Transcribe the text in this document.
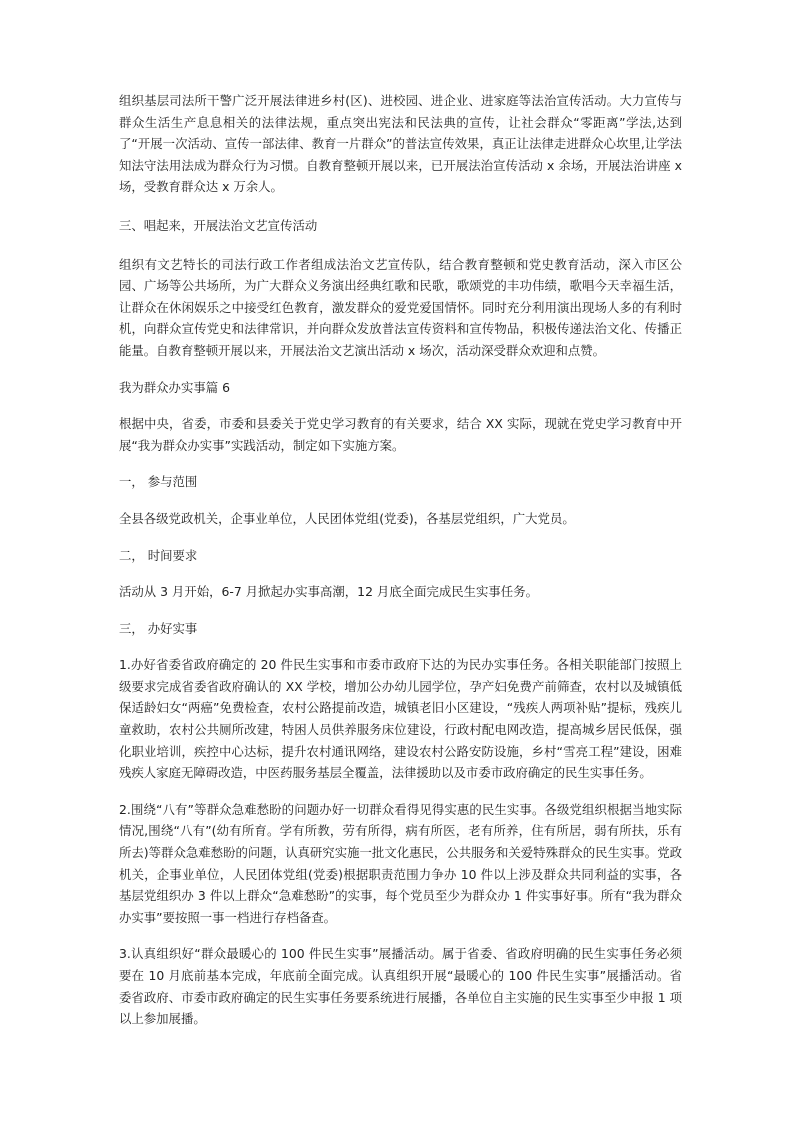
组织基层司法所干警广泛开展法律进乡村(区)、进校园、进企业、进家庭等法治宣传活动。大力宣传与群众生活生产息息相关的法律法规，重点突出宪法和民法典的宣传，让社会群众“零距离”学法,达到了“开展一次活动、宣传一部法律、教育一片群众”的普法宣传效果，真正让法律走进群众心坎里,让学法知法守法用法成为群众行为习惯。自教育整顿开展以来，已开展法治宣传活动 x 余场，开展法治讲座 x 场，受教育群众达 x 万余人。

三、唱起来，开展法治文艺宣传活动

组织有文艺特长的司法行政工作者组成法治文艺宣传队，结合教育整顿和党史教育活动，深入市区公园、广场等公共场所，为广大群众义务演出经典红歌和民歌，歌颂党的丰功伟绩，歌唱今天幸福生活，让群众在休闲娱乐之中接受红色教育，激发群众的爱党爱国情怀。同时充分利用演出现场人多的有利时机，向群众宣传党史和法律常识，并向群众发放普法宣传资料和宣传物品，积极传递法治文化、传播正能量。自教育整顿开展以来，开展法治文艺演出活动 x 场次，活动深受群众欢迎和点赞。

我为群众办实事篇 6

根据中央，省委，市委和县委关于党史学习教育的有关要求，结合 XX 实际，现就在党史学习教育中开展“我为群众办实事”实践活动，制定如下实施方案。

一， 参与范围

全县各级党政机关，企事业单位，人民团体党组(党委)，各基层党组织，广大党员。

二， 时间要求

活动从 3 月开始，6-7 月掀起办实事高潮，12 月底全面完成民生实事任务。

三， 办好实事

1.办好省委省政府确定的 20 件民生实事和市委市政府下达的为民办实事任务。各相关职能部门按照上级要求完成省委省政府确认的 XX 学校，增加公办幼儿园学位，孕产妇免费产前筛查，农村以及城镇低保适龄妇女“两癌”免费检查，农村公路提前改造，城镇老旧小区建设，“残疾人两项补贴”提标，残疾儿童救助，农村公共厕所改建，特困人员供养服务床位建设，行政村配电网改造，提高城乡居民低保，强化职业培训，疾控中心达标，提升农村通讯网络，建设农村公路安防设施，乡村“雪亮工程”建设，困难残疾人家庭无障碍改造，中医药服务基层全覆盖，法律援助以及市委市政府确定的民生实事任务。

2.围绕“八有”等群众急难愁盼的问题办好一切群众看得见得实惠的民生实事。各级党组织根据当地实际情况,围绕“八有”(幼有所育。学有所教，劳有所得，病有所医，老有所养，住有所居，弱有所扶，乐有所去)等群众急难愁盼的问题，认真研究实施一批文化惠民，公共服务和关爱特殊群众的民生实事。党政机关，企事业单位，人民团体党组(党委)根据职责范围力争办 10 件以上涉及群众共同利益的实事，各基层党组织办 3 件以上群众“急难愁盼”的实事，每个党员至少为群众办 1 件实事好事。所有“我为群众办实事”要按照一事一档进行存档备查。

3.认真组织好“群众最暖心的 100 件民生实事”展播活动。属于省委、省政府明确的民生实事任务必须要在 10 月底前基本完成，年底前全面完成。认真组织开展“最暖心的 100 件民生实事”展播活动。省委省政府、市委市政府确定的民生实事任务要系统进行展播，各单位自主实施的民生实事至少申报 1 项以上参加展播。
